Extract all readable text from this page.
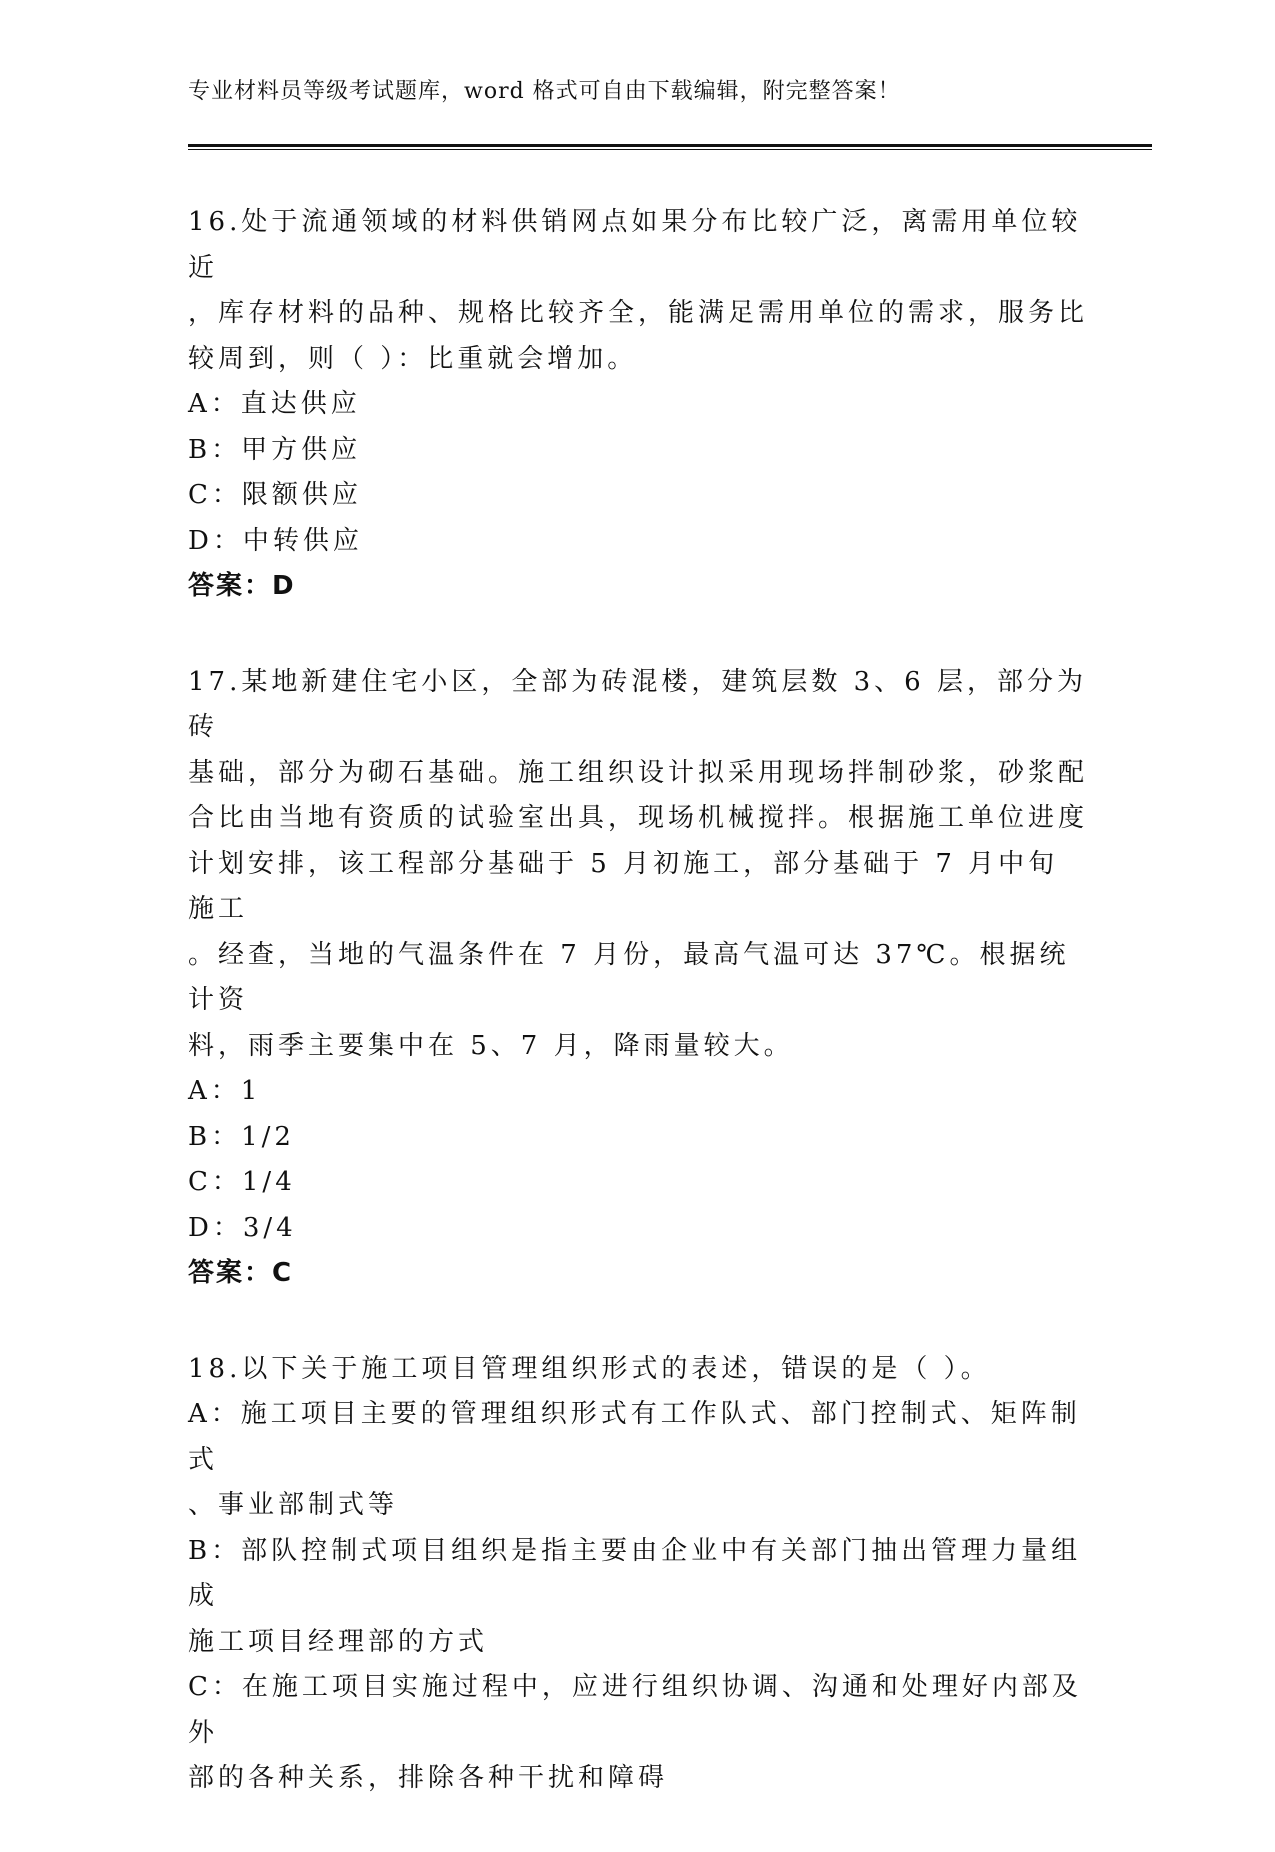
专业材料员等级考试题库，word 格式可自由下载编辑，附完整答案！

16.处于流通领域的材料供销网点如果分布比较广泛，离需用单位较近

，库存材料的品种、规格比较齐全，能满足需用单位的需求，服务比

较周到，则（ ）：比重就会增加。

A：直达供应

B：甲方供应

C：限额供应

D：中转供应

答案：D

17.某地新建住宅小区，全部为砖混楼，建筑层数 3、6 层，部分为砖

基础，部分为砌石基础。施工组织设计拟采用现场拌制砂浆，砂浆配

合比由当地有资质的试验室出具，现场机械搅拌。根据施工单位进度

计划安排，该工程部分基础于 5 月初施工，部分基础于 7 月中旬施工

。经查，当地的气温条件在 7 月份，最高气温可达 37℃。根据统计资

料，雨季主要集中在 5、7 月，降雨量较大。

A：1

B：1/2

C：1/4

D：3/4

答案：C

18.以下关于施工项目管理组织形式的表述，错误的是（ ）。

A：施工项目主要的管理组织形式有工作队式、部门控制式、矩阵制式

、事业部制式等

B：部队控制式项目组织是指主要由企业中有关部门抽出管理力量组成

施工项目经理部的方式

C：在施工项目实施过程中，应进行组织协调、沟通和处理好内部及外

部的各种关系，排除各种干扰和障碍
